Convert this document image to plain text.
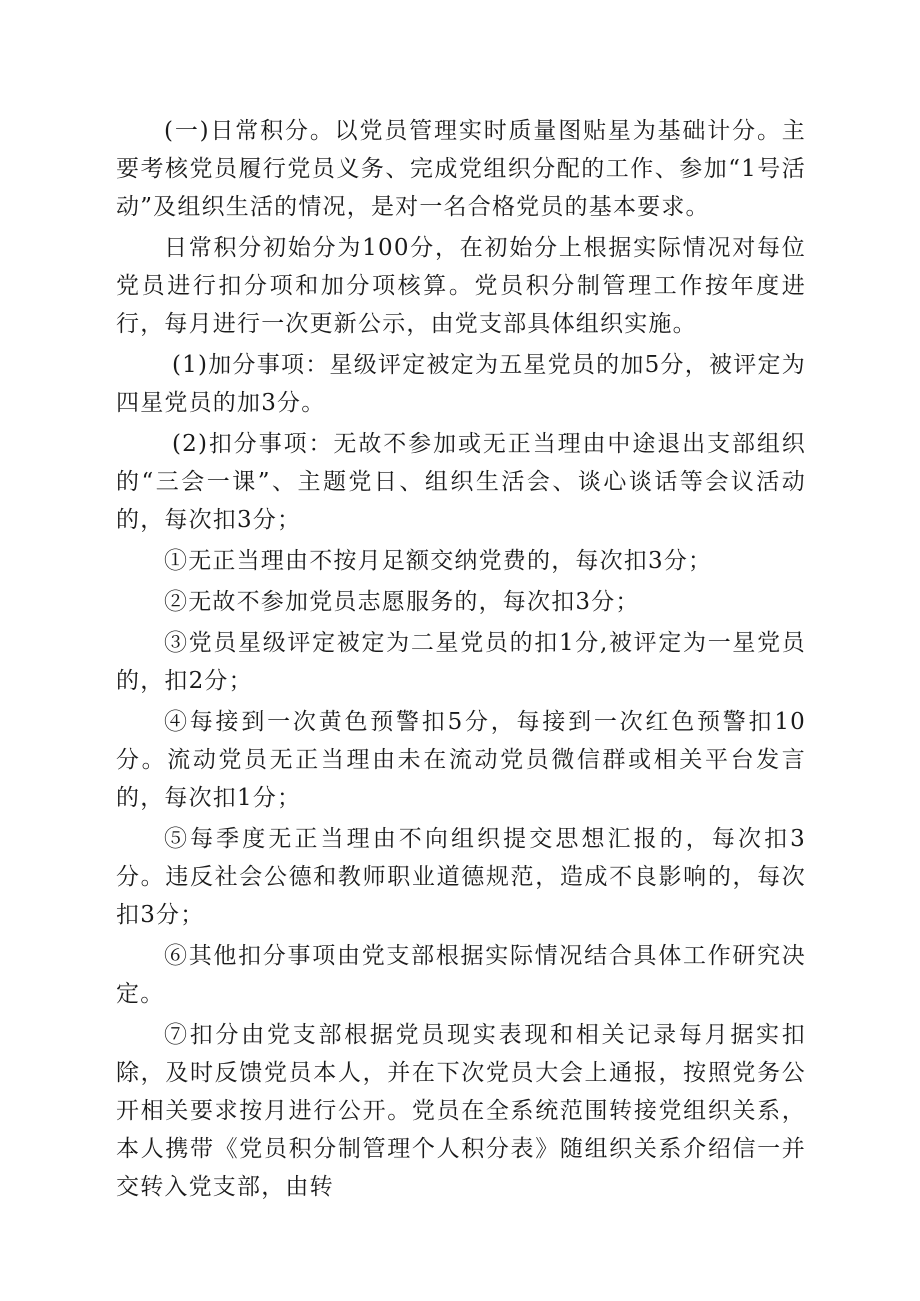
(一)日常积分。以党员管理实时质量图贴星为基础计分。主要考核党员履行党员义务、完成党组织分配的工作、参加“1号活动”及组织生活的情况，是对一名合格党员的基本要求。

日常积分初始分为100分，在初始分上根据实际情况对每位党员进行扣分项和加分项核算。党员积分制管理工作按年度进行，每月进行一次更新公示，由党支部具体组织实施。

(1)加分事项：星级评定被定为五星党员的加5分，被评定为四星党员的加3分。

(2)扣分事项：无故不参加或无正当理由中途退出支部组织的“三会一课”、主题党日、组织生活会、谈心谈话等会议活动的，每次扣3分；

①无正当理由不按月足额交纳党费的，每次扣3分；

②无故不参加党员志愿服务的，每次扣3分；

③党员星级评定被定为二星党员的扣1分,被评定为一星党员的，扣2分；

④每接到一次黄色预警扣5分，每接到一次红色预警扣10分。流动党员无正当理由未在流动党员微信群或相关平台发言的，每次扣1分；

⑤每季度无正当理由不向组织提交思想汇报的，每次扣3分。违反社会公德和教师职业道德规范，造成不良影响的，每次扣3分；

⑥其他扣分事项由党支部根据实际情况结合具体工作研究决定。

⑦扣分由党支部根据党员现实表现和相关记录每月据实扣除，及时反馈党员本人，并在下次党员大会上通报，按照党务公开相关要求按月进行公开。党员在全系统范围转接党组织关系，本人携带《党员积分制管理个人积分表》随组织关系介绍信一并交转入党支部，由转
